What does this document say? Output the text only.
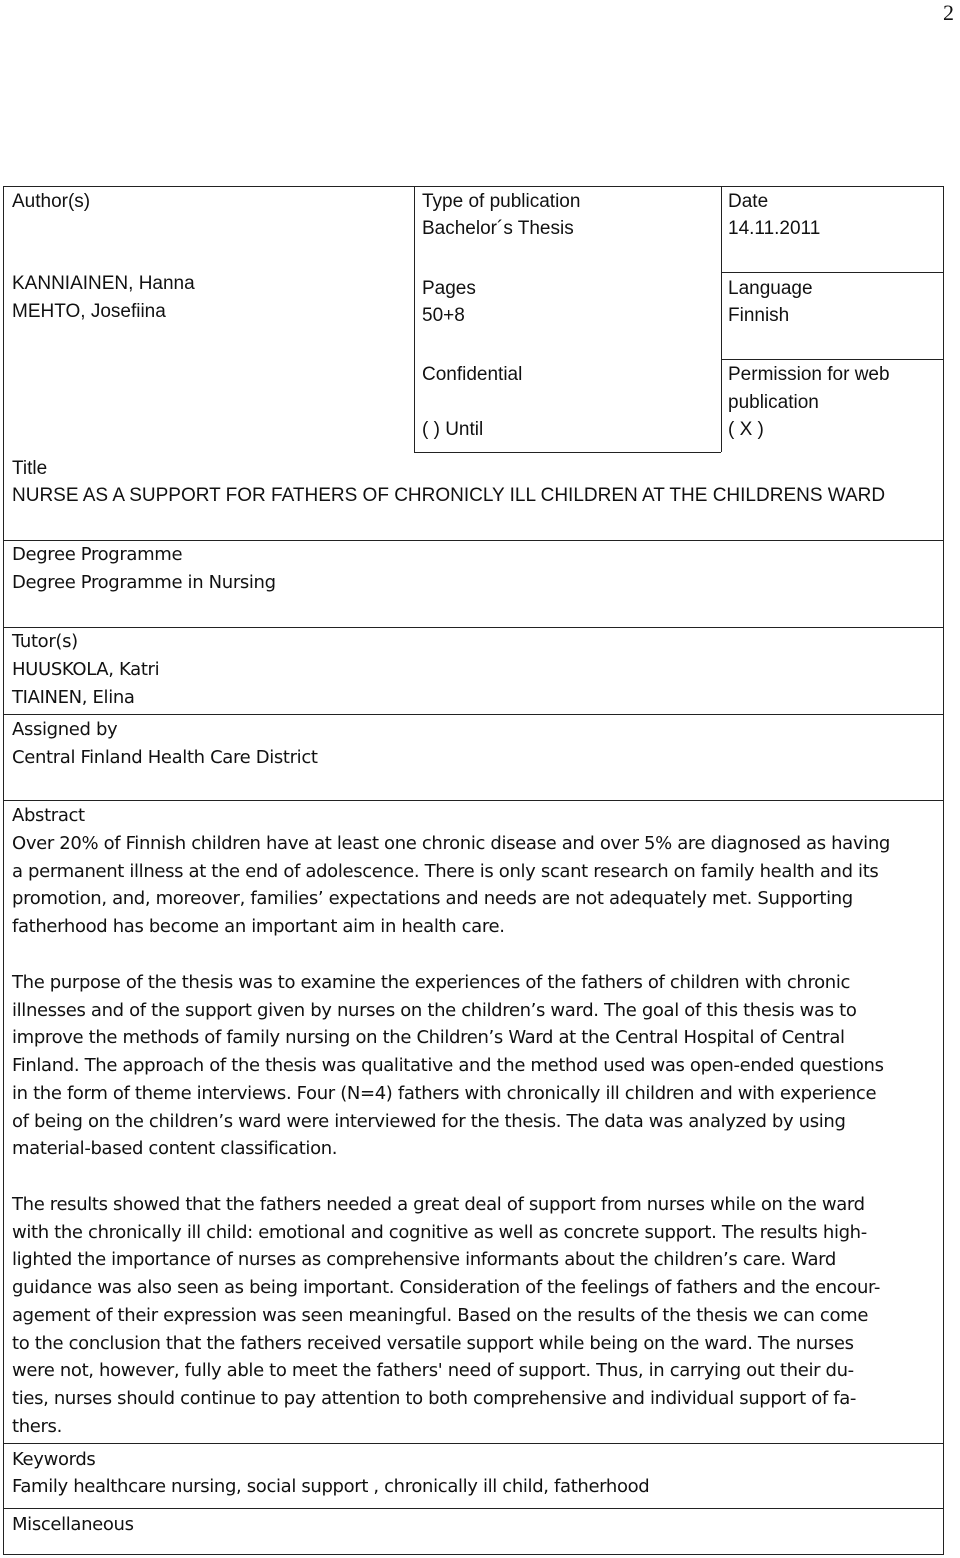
2
Author(s)
KANNIAINEN, Hanna
MEHTO, Josefiina
Type of publication
Bachelor´s Thesis
Pages
50+8
Confidential
( ) Until
Date
14.11.2011
Language
Finnish
Permission for web
publication
( X )
Title
NURSE AS A SUPPORT FOR FATHERS OF CHRONICLY ILL CHILDREN AT THE CHILDRENS WARD
Degree Programme
Degree Programme in Nursing
Tutor(s)
HUUSKOLA, Katri
TIAINEN, Elina
Assigned by
Central Finland Health Care District
Abstract
Over 20% of Finnish children have at least one chronic disease and over 5% are diagnosed as having
a permanent illness at the end of adolescence. There is only scant research on family health and its
promotion, and, moreover, families’ expectations and needs are not adequately met. Supporting
fatherhood has become an important aim in health care.
The purpose of the thesis was to examine the experiences of the fathers of children with chronic
illnesses and of the support given by nurses on the children’s ward. The goal of this thesis was to
improve the methods of family nursing on the Children’s Ward at the Central Hospital of Central
Finland. The approach of the thesis was qualitative and the method used was open-ended questions
in the form of theme interviews. Four (N=4) fathers with chronically ill children and with experience
of being on the children’s ward were interviewed for the thesis. The data was analyzed by using
material-based content classification.
The results showed that the fathers needed a great deal of support from nurses while on the ward
with the chronically ill child: emotional and cognitive as well as concrete support. The results high-
lighted the importance of nurses as comprehensive informants about the children’s care. Ward
guidance was also seen as being important. Consideration of the feelings of fathers and the encour-
agement of their expression was seen meaningful. Based on the results of the thesis we can come
to the conclusion that the fathers received versatile support while being on the ward. The nurses
were not, however, fully able to meet the fathers' need of support. Thus, in carrying out their du-
ties, nurses should continue to pay attention to both comprehensive and individual support of fa-
thers.
Keywords
Family healthcare nursing, social support , chronically ill child, fatherhood
Miscellaneous
